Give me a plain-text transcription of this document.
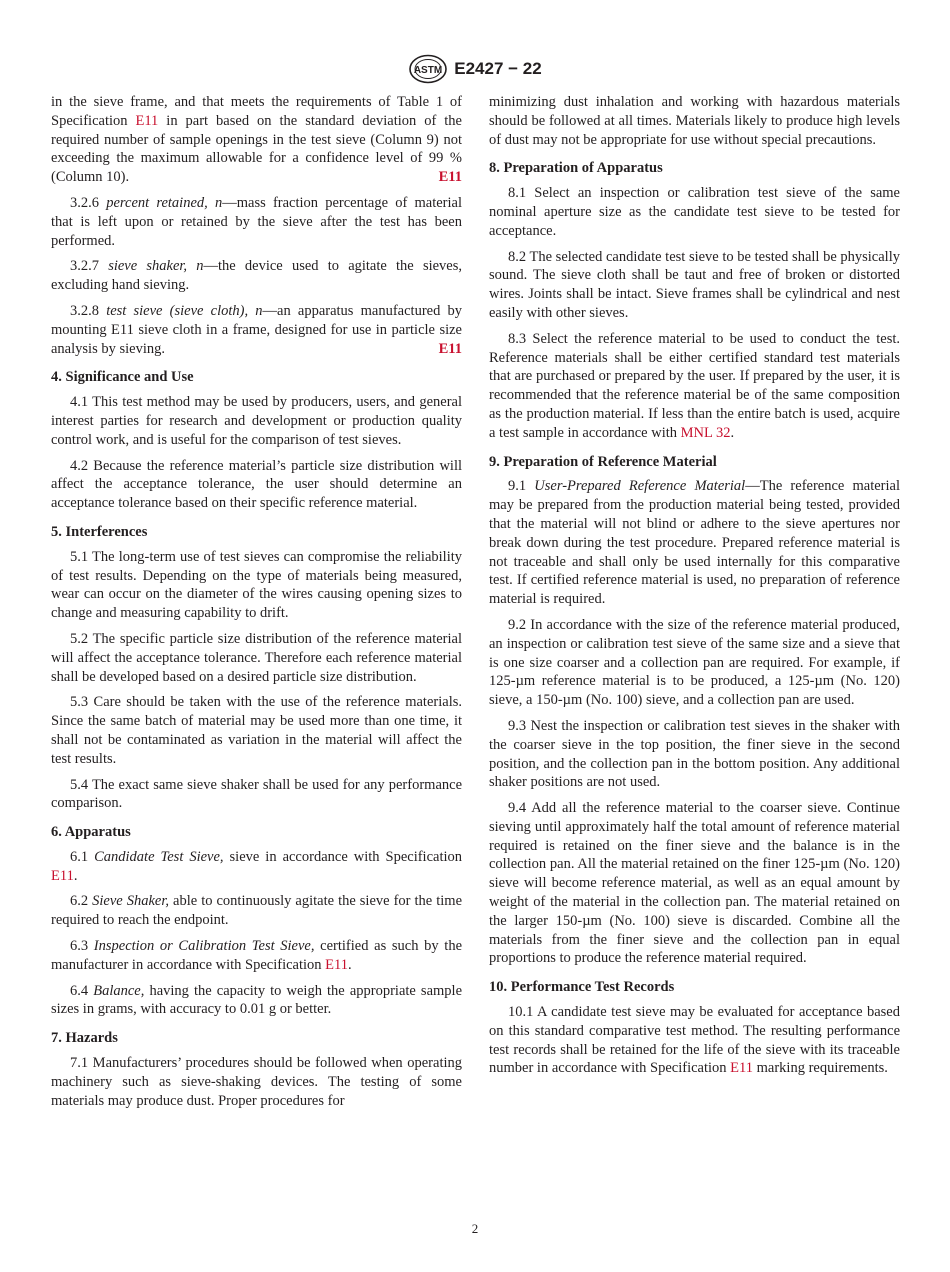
ASTM E2427 − 22

in the sieve frame, and that meets the requirements of Table 1 of Specification E11 in part based on the standard deviation of the required number of sample openings in the test sieve (Column 9) not exceeding the maximum allowable for a confidence level of 99 % (Column 10).	E11

3.2.6 percent retained, n—mass fraction percentage of material that is left upon or retained by the sieve after the test has been performed.

3.2.7 sieve shaker, n—the device used to agitate the sieves, excluding hand sieving.

3.2.8 test sieve (sieve cloth), n—an apparatus manufactured by mounting E11 sieve cloth in a frame, designed for use in particle size analysis by sieving.	E11

4. Significance and Use

4.1 This test method may be used by producers, users, and general interest parties for research and development or production quality control work, and is useful for the comparison of test sieves.

4.2 Because the reference material’s particle size distribution will affect the acceptance tolerance, the user should determine an acceptance tolerance based on their specific reference material.

5. Interferences

5.1 The long-term use of test sieves can compromise the reliability of test results. Depending on the type of materials being measured, wear can occur on the diameter of the wires causing opening sizes to change and measuring capability to drift.

5.2 The specific particle size distribution of the reference material will affect the acceptance tolerance. Therefore each reference material shall be developed based on a desired particle size distribution.

5.3 Care should be taken with the use of the reference materials. Since the same batch of material may be used more than one time, it shall not be contaminated as variation in the material will affect the test results.

5.4 The exact same sieve shaker shall be used for any performance comparison.

6. Apparatus

6.1 Candidate Test Sieve, sieve in accordance with Specification E11.

6.2 Sieve Shaker, able to continuously agitate the sieve for the time required to reach the endpoint.

6.3 Inspection or Calibration Test Sieve, certified as such by the manufacturer in accordance with Specification E11.

6.4 Balance, having the capacity to weigh the appropriate sample sizes in grams, with accuracy to 0.01 g or better.

7. Hazards

7.1 Manufacturers’ procedures should be followed when operating machinery such as sieve-shaking devices. The testing of some materials may produce dust. Proper procedures for

minimizing dust inhalation and working with hazardous materials should be followed at all times. Materials likely to produce high levels of dust may not be appropriate for use without special precautions.

8. Preparation of Apparatus

8.1 Select an inspection or calibration test sieve of the same nominal aperture size as the candidate test sieve to be tested for acceptance.

8.2 The selected candidate test sieve to be tested shall be physically sound. The sieve cloth shall be taut and free of broken or distorted wires. Joints shall be intact. Sieve frames shall be cylindrical and nest easily with other sieves.

8.3 Select the reference material to be used to conduct the test. Reference materials shall be either certified standard test materials that are purchased or prepared by the user. If prepared by the user, it is recommended that the reference material be of the same composition as the production material. If less than the entire batch is used, acquire a test sample in accordance with MNL 32.

9. Preparation of Reference Material

9.1 User-Prepared Reference Material—The reference material may be prepared from the production material being tested, provided that the material will not blind or adhere to the sieve apertures nor break down during the test procedure. Prepared reference material is not traceable and shall only be used internally for this comparative test. If certified reference material is used, no preparation of reference material is required.

9.2 In accordance with the size of the reference material produced, an inspection or calibration test sieve of the same size and a sieve that is one size coarser and a collection pan are required. For example, if 125-µm reference material is to be produced, a 125-µm (No. 120) sieve, a 150-µm (No. 100) sieve, and a collection pan are used.

9.3 Nest the inspection or calibration test sieves in the shaker with the coarser sieve in the top position, the finer sieve in the second position, and the collection pan in the bottom position. Any additional shaker positions are not used.

9.4 Add all the reference material to the coarser sieve. Continue sieving until approximately half the total amount of reference material required is retained on the finer sieve and the balance is in the collection pan. All the material retained on the finer 125-µm (No. 120) sieve will become reference material, as well as an equal amount by weight of the material in the collection pan. The material retained on the larger 150-µm (No. 100) sieve is discarded. Combine all the materials from the finer sieve and the collection pan in equal proportions to produce the reference material required.

10. Performance Test Records

10.1 A candidate test sieve may be evaluated for acceptance based on this standard comparative test method. The resulting performance test records shall be retained for the life of the sieve with its traceable number in accordance with Specification E11 marking requirements.

2
